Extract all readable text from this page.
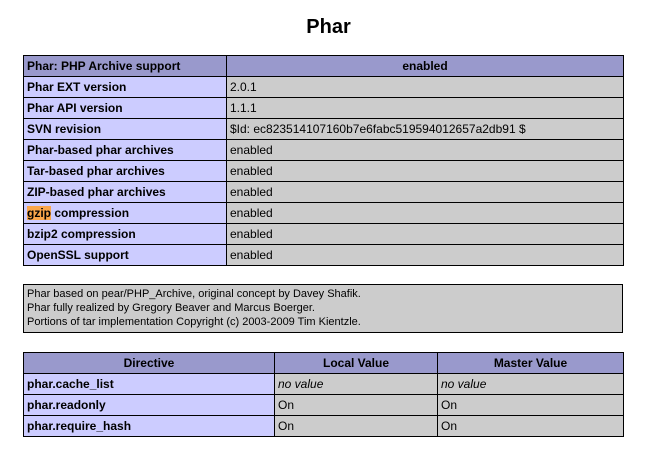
Phar
Phar: PHP Archive support	enabled
Phar EXT version	2.0.1
Phar API version	1.1.1
SVN revision	$Id: ec823514107160b7e6fabc519594012657a2db91 $
Phar-based phar archives	enabled
Tar-based phar archives	enabled
ZIP-based phar archives	enabled
gzip compression	enabled
bzip2 compression	enabled
OpenSSL support	enabled
Phar based on pear/PHP_Archive, original concept by Davey Shafik.
Phar fully realized by Gregory Beaver and Marcus Boerger.
Portions of tar implementation Copyright (c) 2003-2009 Tim Kientzle.
Directive	Local Value	Master Value
phar.cache_list	no value	no value
phar.readonly	On	On
phar.require_hash	On	On
